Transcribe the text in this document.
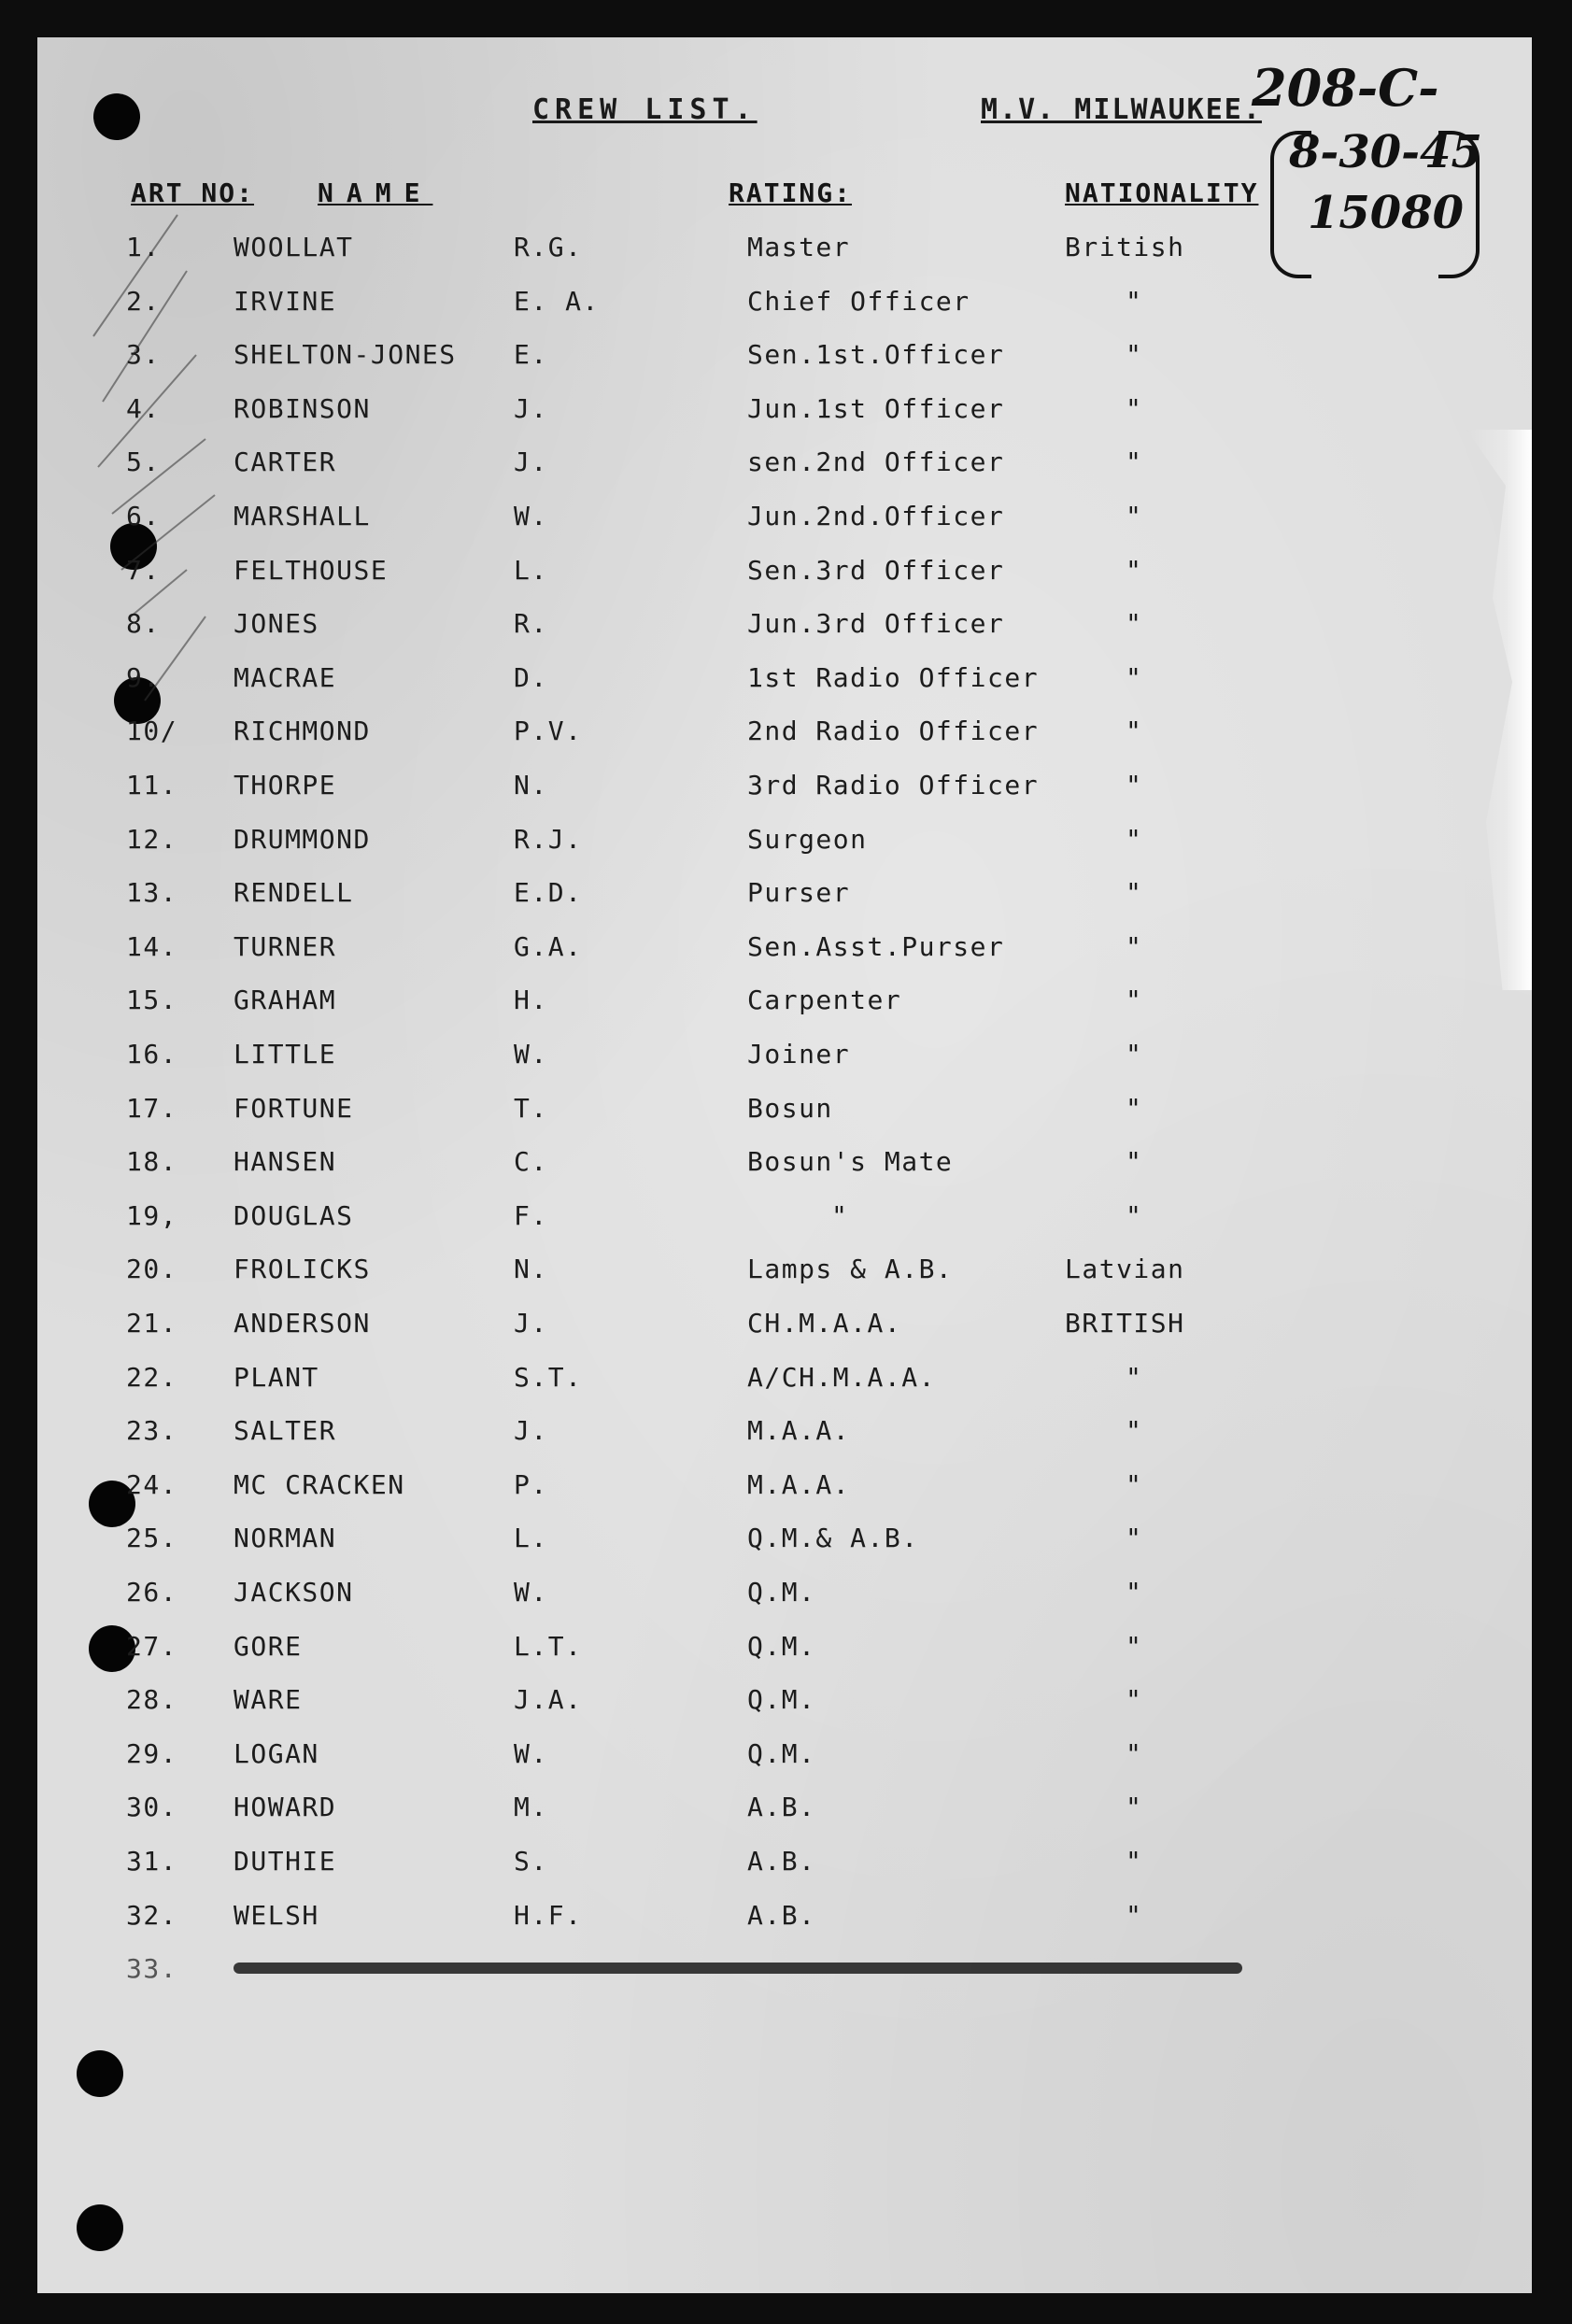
CREW LIST.	M.V. MILWAUKEE.
208-C-
8-30-45
15080
ART NO: NAME	RATING:	NATIONALITY
1.	WOOLLAT	R.G.	Master	British
2.	IRVINE	E. A.	Chief Officer	"
3.	SHELTON-JONES E.	Sen.1st.Officer	"
4.	ROBINSON	J.	Jun.1st Officer	"
5.	CARTER	J.	sen.2nd Officer	"
6.	MARSHALL	W.	Jun.2nd.Officer	"
7.	FELTHOUSE	L.	Sen.3rd Officer	"
8.	JONES	R.	Jun.3rd Officer	"
9.	MACRAE	D.	1st Radio Officer	"
10/ RICHMOND	P.V.	2nd Radio Officer	"
11. THORPE	N.	3rd Radio Officer	"
12. DRUMMOND	R.J.	Surgeon	"
13. RENDELL	E.D.	Purser	"
14. TURNER	G.A.	Sen.Asst.Purser	"
15. GRAHAM	H.	Carpenter	"
16. LITTLE	W.	Joiner	"
17. FORTUNE	T.	Bosun	"
18. HANSEN	C.	Bosun's Mate	"
19, DOUGLAS	F.	"	"
20. FROLICKS	N.	Lamps & A.B.	Latvian
21. ANDERSON	J.	CH.M.A.A.	BRITISH
22. PLANT	S.T.	A/CH.M.A.A.	"
23. SALTER	J.	M.A.A.	"
24. MC CRACKEN	P.	M.A.A.	"
25. NORMAN	L.	Q.M.& A.B.	"
26. JACKSON	W.	Q.M.	"
27. GORE	L.T.	Q.M.	"
28. WARE	J.A.	Q.M.	"
29. LOGAN	W.	Q.M.	"
30. HOWARD	M.	A.B.	"
31. DUTHIE	S.	A.B.	"
32. WELSH	H.F.	A.B.	"
33.
